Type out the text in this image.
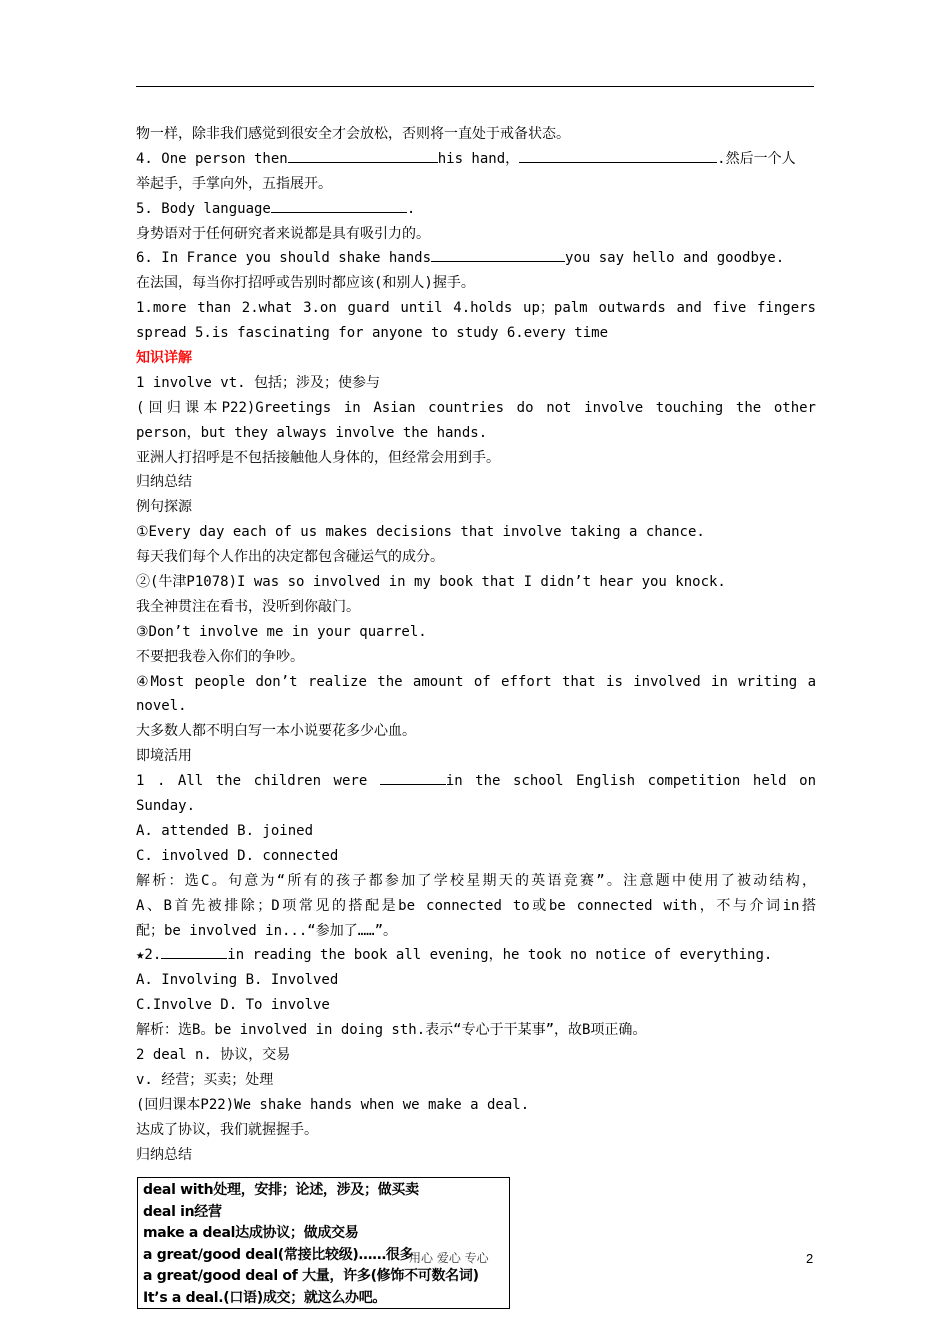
物一样，除非我们感觉到很安全才会放松，否则将一直处于戒备状态。
4. One person then	his hand，	.然后一个人
举起手，手掌向外，五指展开。
5. Body language	.
身势语对于任何研究者来说都是具有吸引力的。
6. In France you should shake hands	you say hello and goodbye.
在法国，每当你打招呼或告别时都应该(和别人)握手。
1.more than 2.what 3.on guard until 4.holds up；palm outwards and five fingers
spread 5.is fascinating for anyone to study 6.every time
知识详解
1 involve vt. 包括；涉及；使参与
(回归课本P22)Greetings in Asian countries do not involve touching the other
person，but they always involve the hands.
亚洲人打招呼是不包括接触他人身体的，但经常会用到手。
归纳总结
例句探源
①Every day each of us makes decisions that involve taking a chance.
每天我们每个人作出的决定都包含碰运气的成分。
②(牛津P1078)I was so involved in my book that I didn’t hear you knock.
我全神贯注在看书，没听到你敲门。
③Don’t involve me in your quarrel.
不要把我卷入你们的争吵。
④Most people don’t realize the amount of effort that is involved in writing a
novel.
大多数人都不明白写一本小说要花多少心血。
即境活用
1 . All the children were	in the school English competition held on
Sunday.
A. attended B. joined
C. involved D. connected
解析：选C。句意为“所有的孩子都参加了学校星期天的英语竞赛”。注意题中使用了被动结构，
A、B首先被排除；D项常见的搭配是be connected to或be connected with，不与介词in搭
配；be involved in...“参加了……”。
★2.	in reading the book all evening，he took no notice of everything.
A. Involving B. Involved
C.Involve D. To involve
解析：选B。be involved in doing sth.表示“专心于干某事”，故B项正确。
2 deal n. 协议，交易
v. 经营；买卖；处理
(回归课本P22)We shake hands when we make a deal.
达成了协议，我们就握握手。
归纳总结
deal with处理，安排；论述，涉及；做买卖
deal in经营
make a deal达成协议；做成交易
a great/good deal(常接比较级)……很多
a great/good deal of 大量，许多(修饰不可数名词)
It’s a deal.(口语)成交；就这么办吧。
用心 爱心 专心	2
